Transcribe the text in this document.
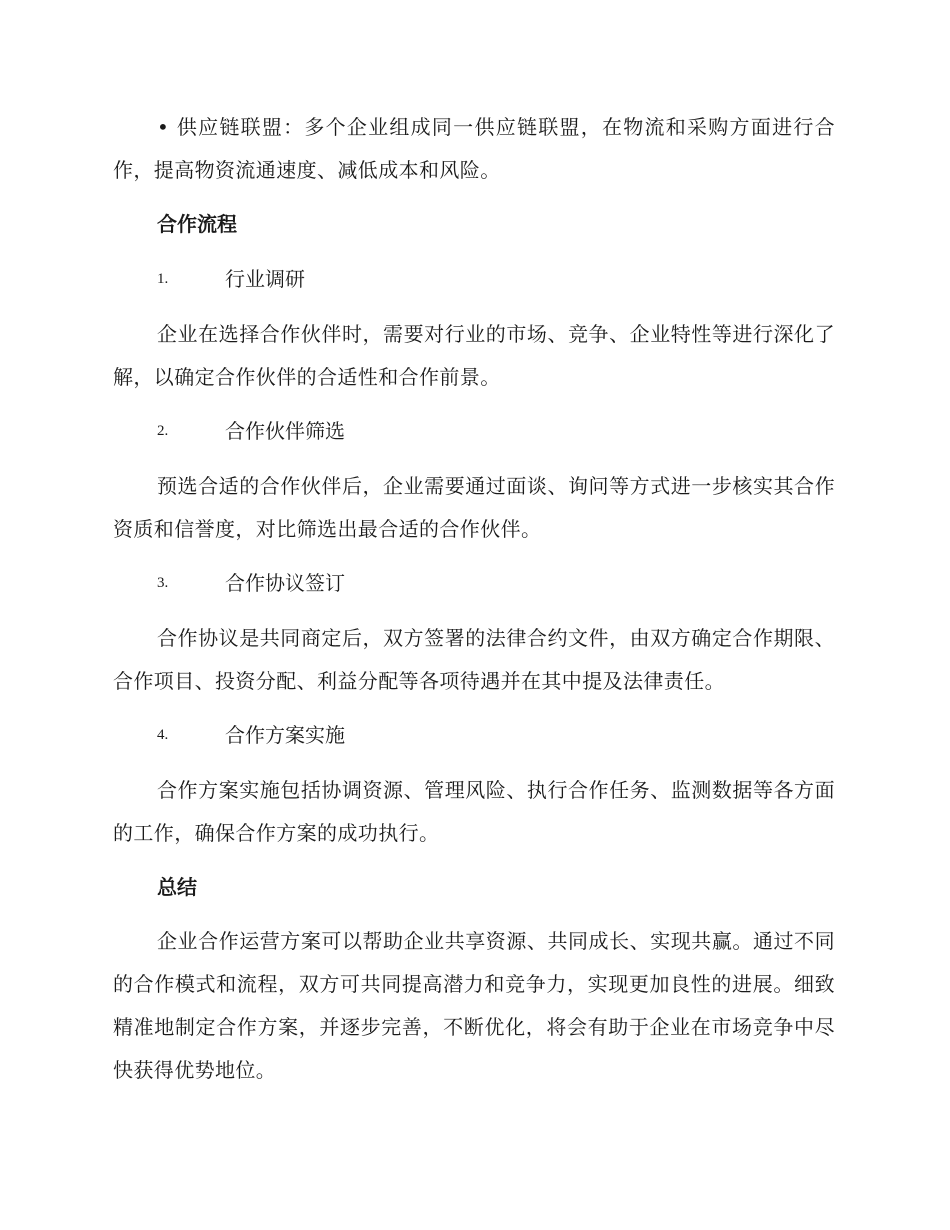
• 供应链联盟：多个企业组成同一供应链联盟，在物流和采购方面进行合作，提高物资流通速度、减低成本和风险。

合作流程
1.	行业调研

企业在选择合作伙伴时，需要对行业的市场、竞争、企业特性等进行深化了解，以确定合作伙伴的合适性和合作前景。

2.	合作伙伴筛选

预选合适的合作伙伴后，企业需要通过面谈、询问等方式进一步核实其合作资质和信誉度，对比筛选出最合适的合作伙伴。

3.	合作协议签订

合作协议是共同商定后，双方签署的法律合约文件，由双方确定合作期限、合作项目、投资分配、利益分配等各项待遇并在其中提及法律责任。

4.	合作方案实施

合作方案实施包括协调资源、管理风险、执行合作任务、监测数据等各方面的工作，确保合作方案的成功执行。

总结

企业合作运营方案可以帮助企业共享资源、共同成长、实现共赢。通过不同的合作模式和流程，双方可共同提高潜力和竞争力，实现更加良性的进展。细致精准地制定合作方案，并逐步完善，不断优化，将会有助于企业在市场竞争中尽快获得优势地位。
